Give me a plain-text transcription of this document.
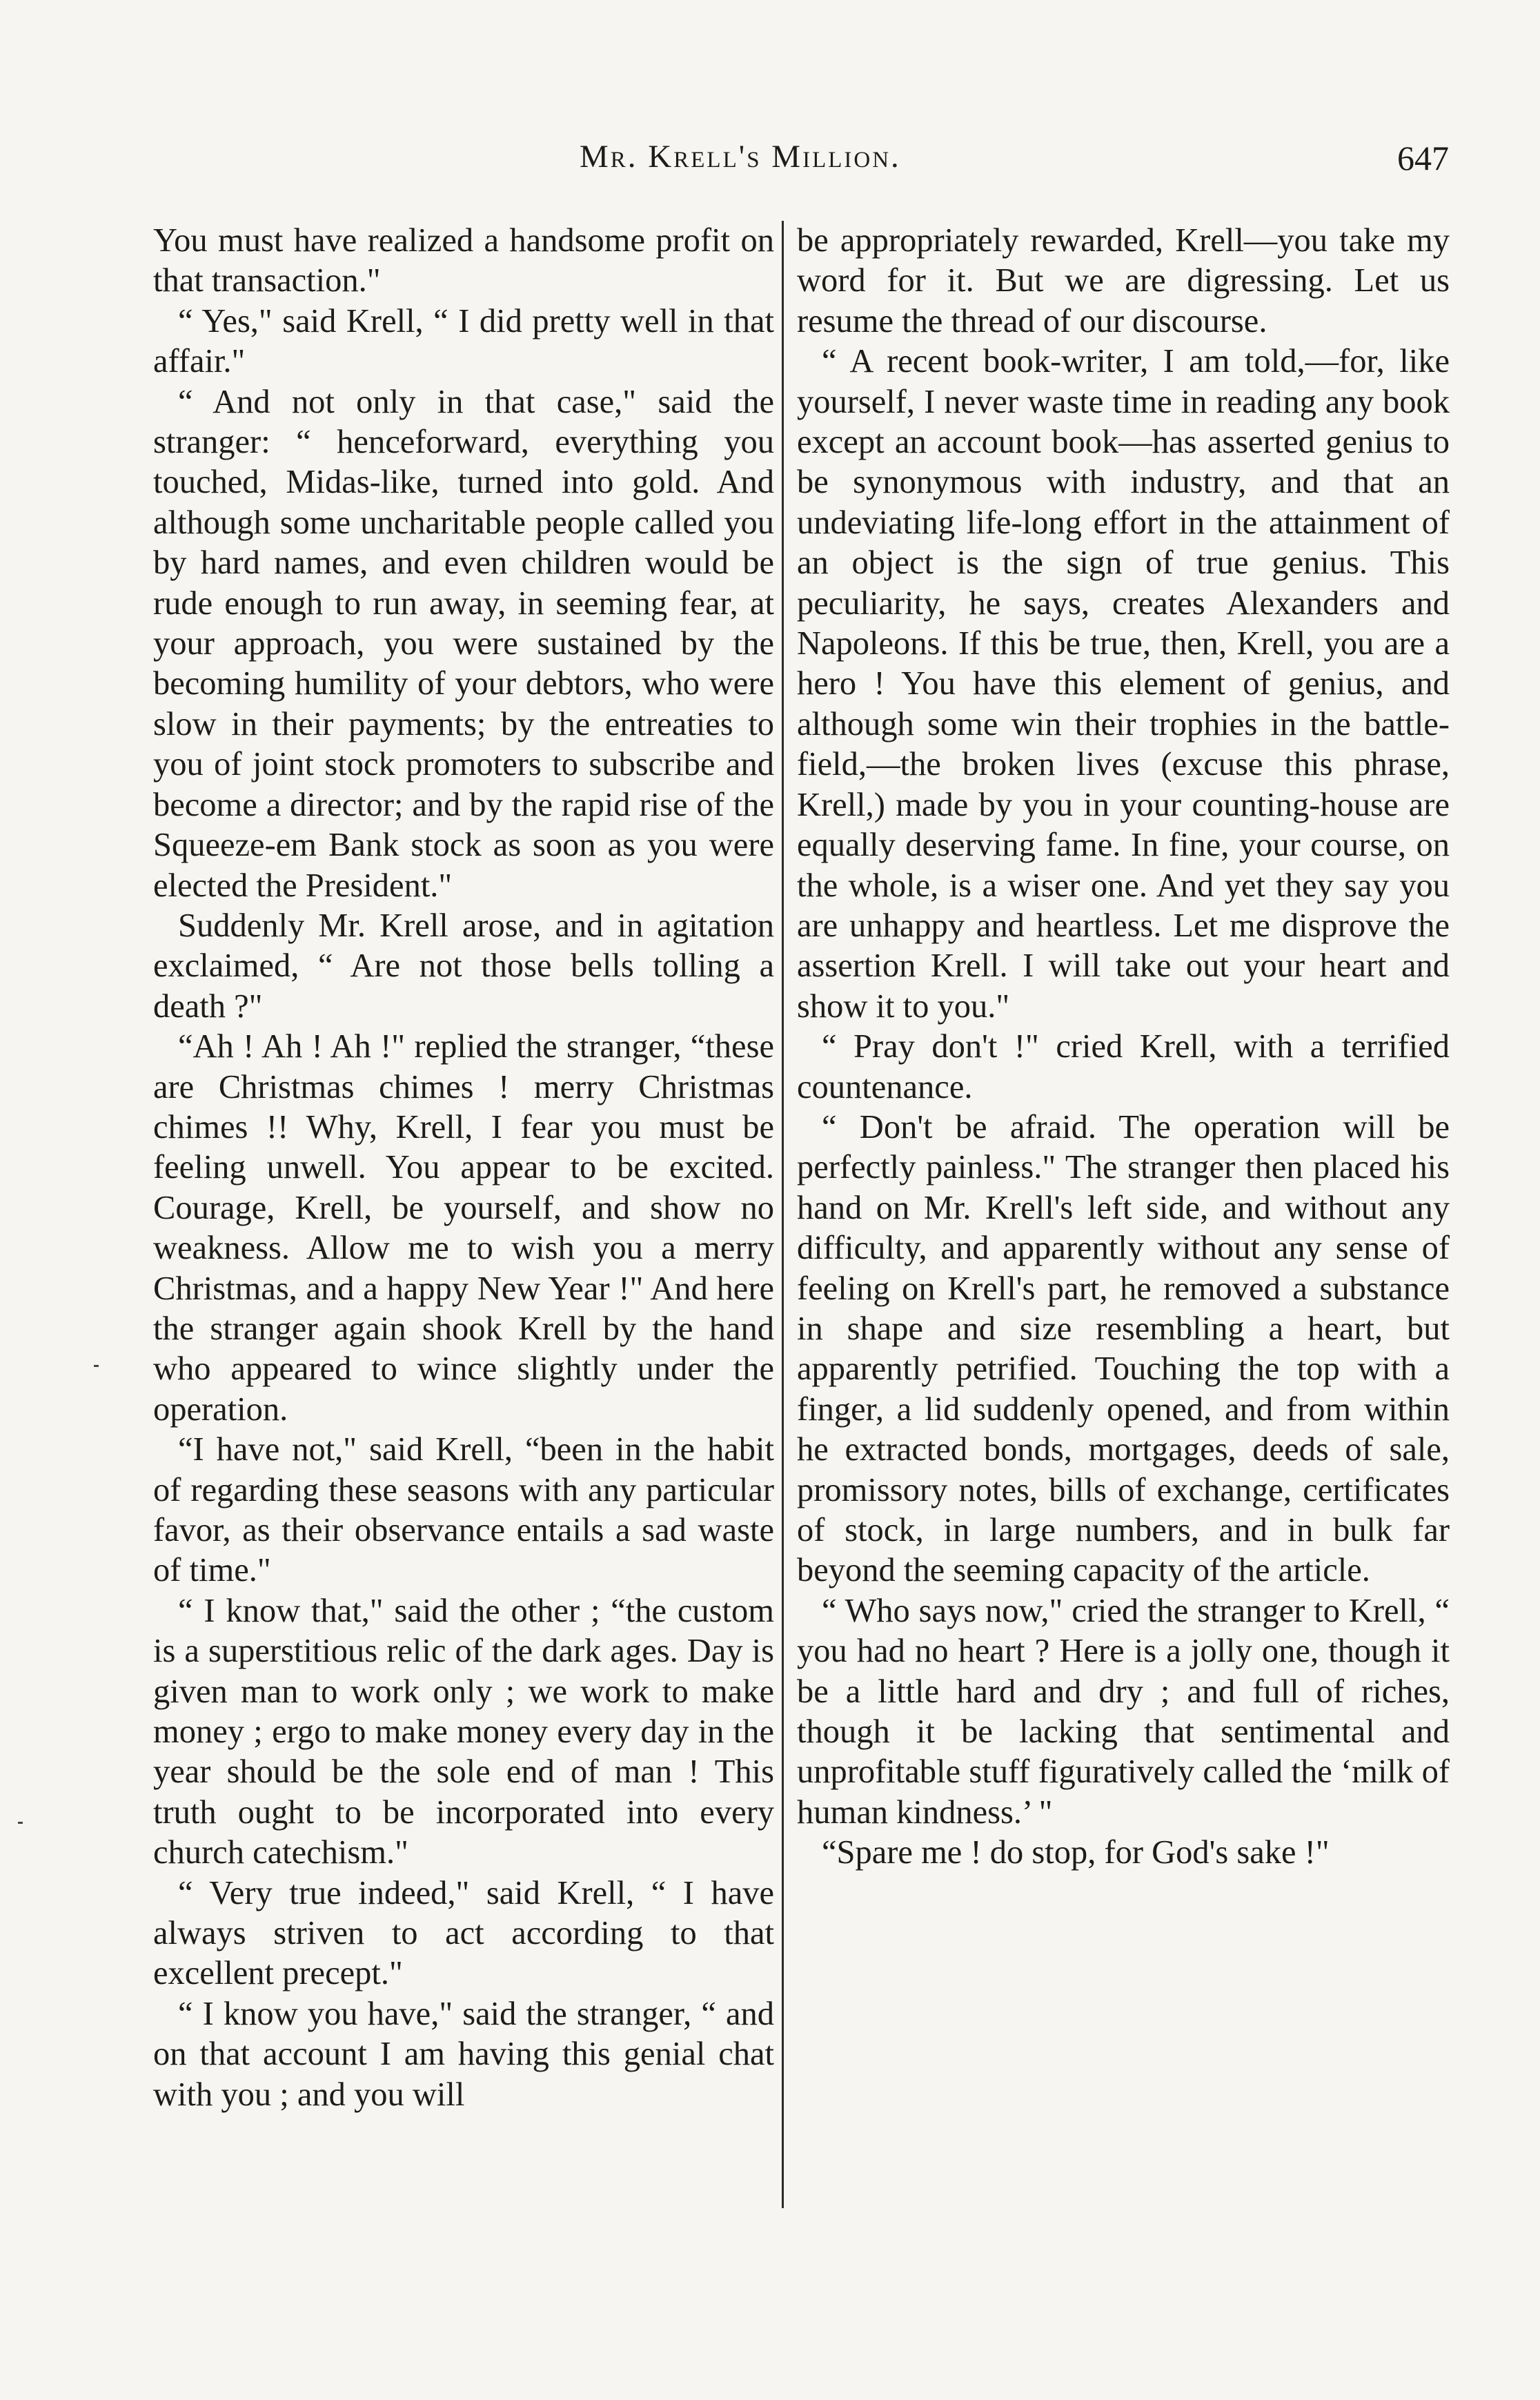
Mr. Krell's Million.	647

You must have realized a handsome profit on that transaction."

“ Yes," said Krell, “ I did pretty well in that affair."

“ And not only in that case," said the stranger: “ henceforward, everything you touched, Midas-like, turned into gold. And although some uncharitable people called you by hard names, and even children would be rude enough to run away, in seeming fear, at your approach, you were sustained by the becoming humility of your debtors, who were slow in their payments; by the entreaties to you of joint stock promoters to subscribe and become a director; and by the rapid rise of the Squeeze-em Bank stock as soon as you were elected the President."

Suddenly Mr. Krell arose, and in agitation exclaimed, “ Are not those bells tolling a death ?"

“Ah ! Ah ! Ah !" replied the stranger, “these are Christmas chimes ! merry Christmas chimes !! Why, Krell, I fear you must be feeling unwell. You appear to be excited. Courage, Krell, be yourself, and show no weakness. Allow me to wish you a merry Christmas, and a happy New Year !" And here the stranger again shook Krell by the hand who appeared to wince slightly under the operation.

“I have not," said Krell, “been in the habit of regarding these seasons with any particular favor, as their observance entails a sad waste of time."

“ I know that," said the other ; “the custom is a superstitious relic of the dark ages. Day is given man to work only ; we work to make money ; ergo to make money every day in the year should be the sole end of man ! This truth ought to be incorporated into every church catechism."

“ Very true indeed," said Krell, “ I have always striven to act according to that excellent precept."

“ I know you have," said the stranger, “ and on that account I am having this genial chat with you ; and you will

be appropriately rewarded, Krell—you take my word for it. But we are digressing. Let us resume the thread of our discourse.

“ A recent book-writer, I am told,—for, like yourself, I never waste time in reading any book except an account book—has asserted genius to be synonymous with industry, and that an undeviating life-long effort in the attainment of an object is the sign of true genius. This peculiarity, he says, creates Alexanders and Napoleons. If this be true, then, Krell, you are a hero ! You have this element of genius, and although some win their trophies in the battle-field,—the broken lives (excuse this phrase, Krell,) made by you in your counting-house are equally deserving fame. In fine, your course, on the whole, is a wiser one. And yet they say you are unhappy and heartless. Let me disprove the assertion Krell. I will take out your heart and show it to you."

“ Pray don't !" cried Krell, with a terrified countenance.

“ Don't be afraid. The operation will be perfectly painless." The stranger then placed his hand on Mr. Krell's left side, and without any difficulty, and apparently without any sense of feeling on Krell's part, he removed a substance in shape and size resembling a heart, but apparently petrified. Touching the top with a finger, a lid suddenly opened, and from within he extracted bonds, mortgages, deeds of sale, promissory notes, bills of exchange, certificates of stock, in large numbers, and in bulk far beyond the seeming capacity of the article.

“ Who says now," cried the stranger to Krell, “ you had no heart ? Here is a jolly one, though it be a little hard and dry ; and full of riches, though it be lacking that sentimental and unprofitable stuff figuratively called the ‘milk of human kindness.’ "

“Spare me ! do stop, for God's sake !"
